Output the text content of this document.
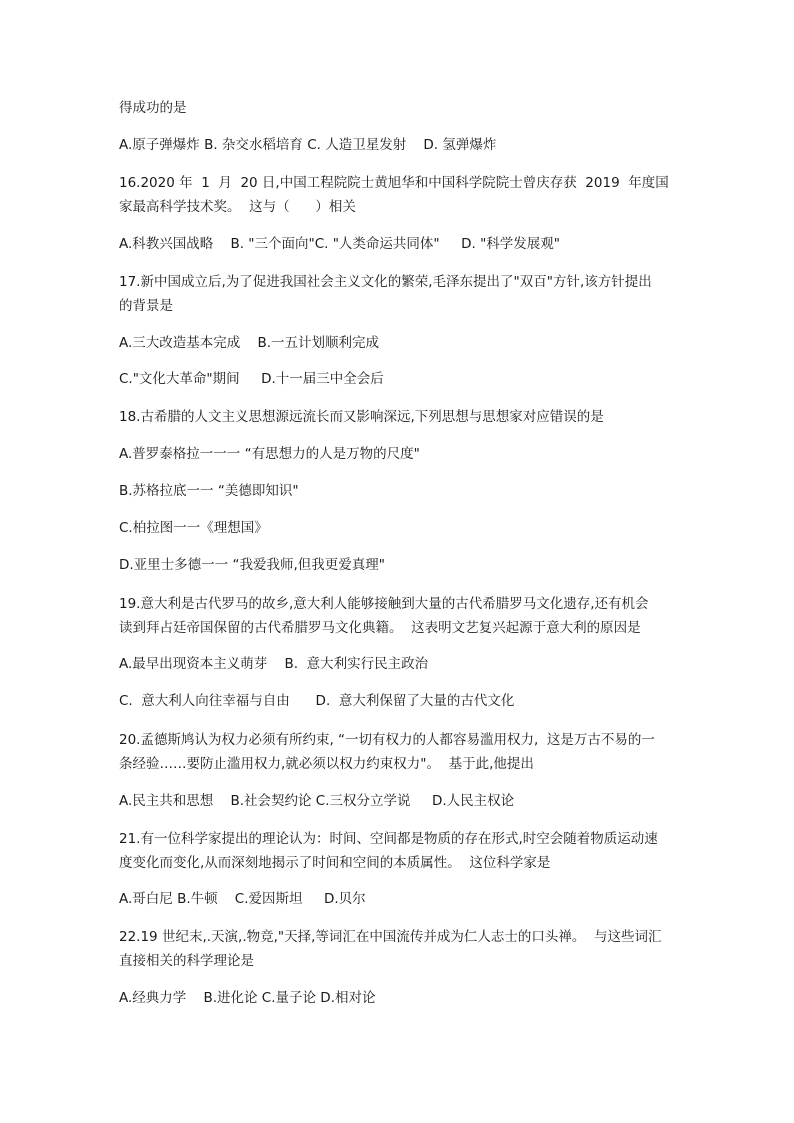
得成功的是
A.原子弹爆炸 B. 杂交水稻培育 C. 人造卫星发射    D. 氢弹爆炸
16.2020 年  1  月  20 日,中国工程院院士黄旭华和中国科学院院士曾庆存获  2019  年度国
家最高科学技术奖。  这与（      ）相关
A.科教兴国战略    B. "三个面向"C. "人类命运共同体"     D. "科学发展观"
17.新中国成立后,为了促进我国社会主义文化的繁荣,毛泽东提出了"双百"方针,该方针提出
的背景是
A.三大改造基本完成    B.一五计划顺利完成
C."文化大革命"期间     D.十一届三中全会后
18.古希腊的人文主义思想源远流长而又影响深远,下列思想与思想家对应错误的是
A.普罗泰格拉一一一 “有思想力的人是万物的尺度"
B.苏格拉底一一 “美德即知识"
C.柏拉图一一《理想国》
D.亚里士多德一一 “我爱我师,但我更爱真理"
19.意大利是古代罗马的故乡,意大利人能够接触到大量的古代希腊罗马文化遗存,还有机会
读到拜占廷帝国保留的古代希腊罗马文化典籍。  这表明文艺复兴起源于意大利的原因是
A.最早出现资本主义萌芽    B.  意大利实行民主政治
C.  意大利人向往幸福与自由      D.  意大利保留了大量的古代文化
20.孟德斯鸠认为权力必须有所约束, “一切有权力的人都容易滥用权力,  这是万古不易的一
条经验……要防止滥用权力,就必须以权力约束权力"。  基于此,他提出
A.民主共和思想    B.社会契约论 C.三权分立学说     D.人民主权论
21.有一位科学家提出的理论认为：时间、空间都是物质的存在形式,时空会随着物质运动速
度变化而变化,从而深刻地揭示了时间和空间的本质属性。  这位科学家是
A.哥白尼 B.牛顿    C.爱因斯坦     D.贝尔
22.19 世纪末,.天演,.物竞,"天择,等词汇在中国流传并成为仁人志士的口头禅。  与这些词汇
直接相关的科学理论是
A.经典力学    B.进化论 C.量子论 D.相对论
